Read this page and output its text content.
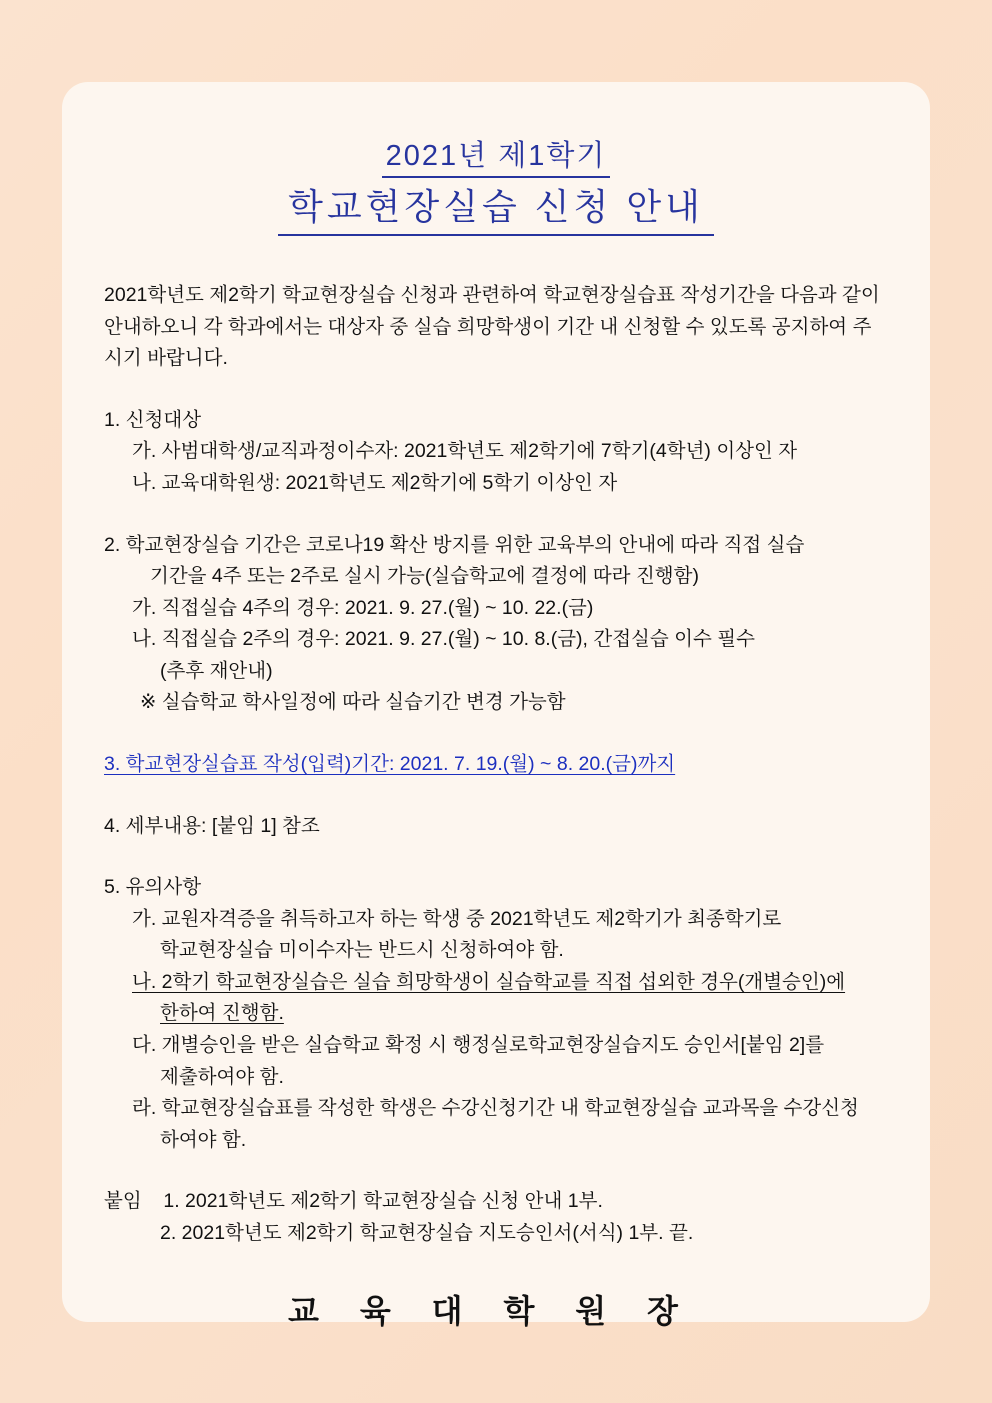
2021년 제1학기
학교현장실습 신청 안내
2021학년도 제2학기 학교현장실습 신청과 관련하여 학교현장실습표 작성기간을 다음과 같이 안내하오니 각 학과에서는 대상자 중 실습 희망학생이 기간 내 신청할 수 있도록 공지하여 주시기 바랍니다.
1. 신청대상
가. 사범대학생/교직과정이수자: 2021학년도 제2학기에 7학기(4학년) 이상인 자
나. 교육대학원생: 2021학년도 제2학기에 5학기 이상인 자
2. 학교현장실습 기간은 코로나19 확산 방지를 위한 교육부의 안내에 따라 직접 실습
기간을 4주 또는 2주로 실시 가능(실습학교에 결정에 따라 진행함)
가. 직접실습 4주의 경우: 2021. 9. 27.(월) ~ 10. 22.(금)
나. 직접실습 2주의 경우: 2021. 9. 27.(월) ~ 10. 8.(금), 간접실습 이수 필수
(추후 재안내)
※ 실습학교 학사일정에 따라 실습기간 변경 가능함
3. 학교현장실습표 작성(입력)기간: 2021. 7. 19.(월) ~ 8. 20.(금)까지
4. 세부내용: [붙임 1] 참조
5. 유의사항
가. 교원자격증을 취득하고자 하는 학생 중 2021학년도 제2학기가 최종학기로
학교현장실습 미이수자는 반드시 신청하여야 함.
나. 2학기 학교현장실습은 실습 희망학생이 실습학교를 직접 섭외한 경우(개별승인)에
한하여 진행함.
다. 개별승인을 받은 실습학교 확정 시 행정실로학교현장실습지도 승인서[붙임 2]를
제출하여야 함.
라. 학교현장실습표를 작성한 학생은 수강신청기간 내 학교현장실습 교과목을 수강신청
하여야 함.
붙임 1. 2021학년도 제2학기 학교현장실습 신청 안내 1부.
2. 2021학년도 제2학기 학교현장실습 지도승인서(서식) 1부. 끝.
교 육 대 학 원 장
